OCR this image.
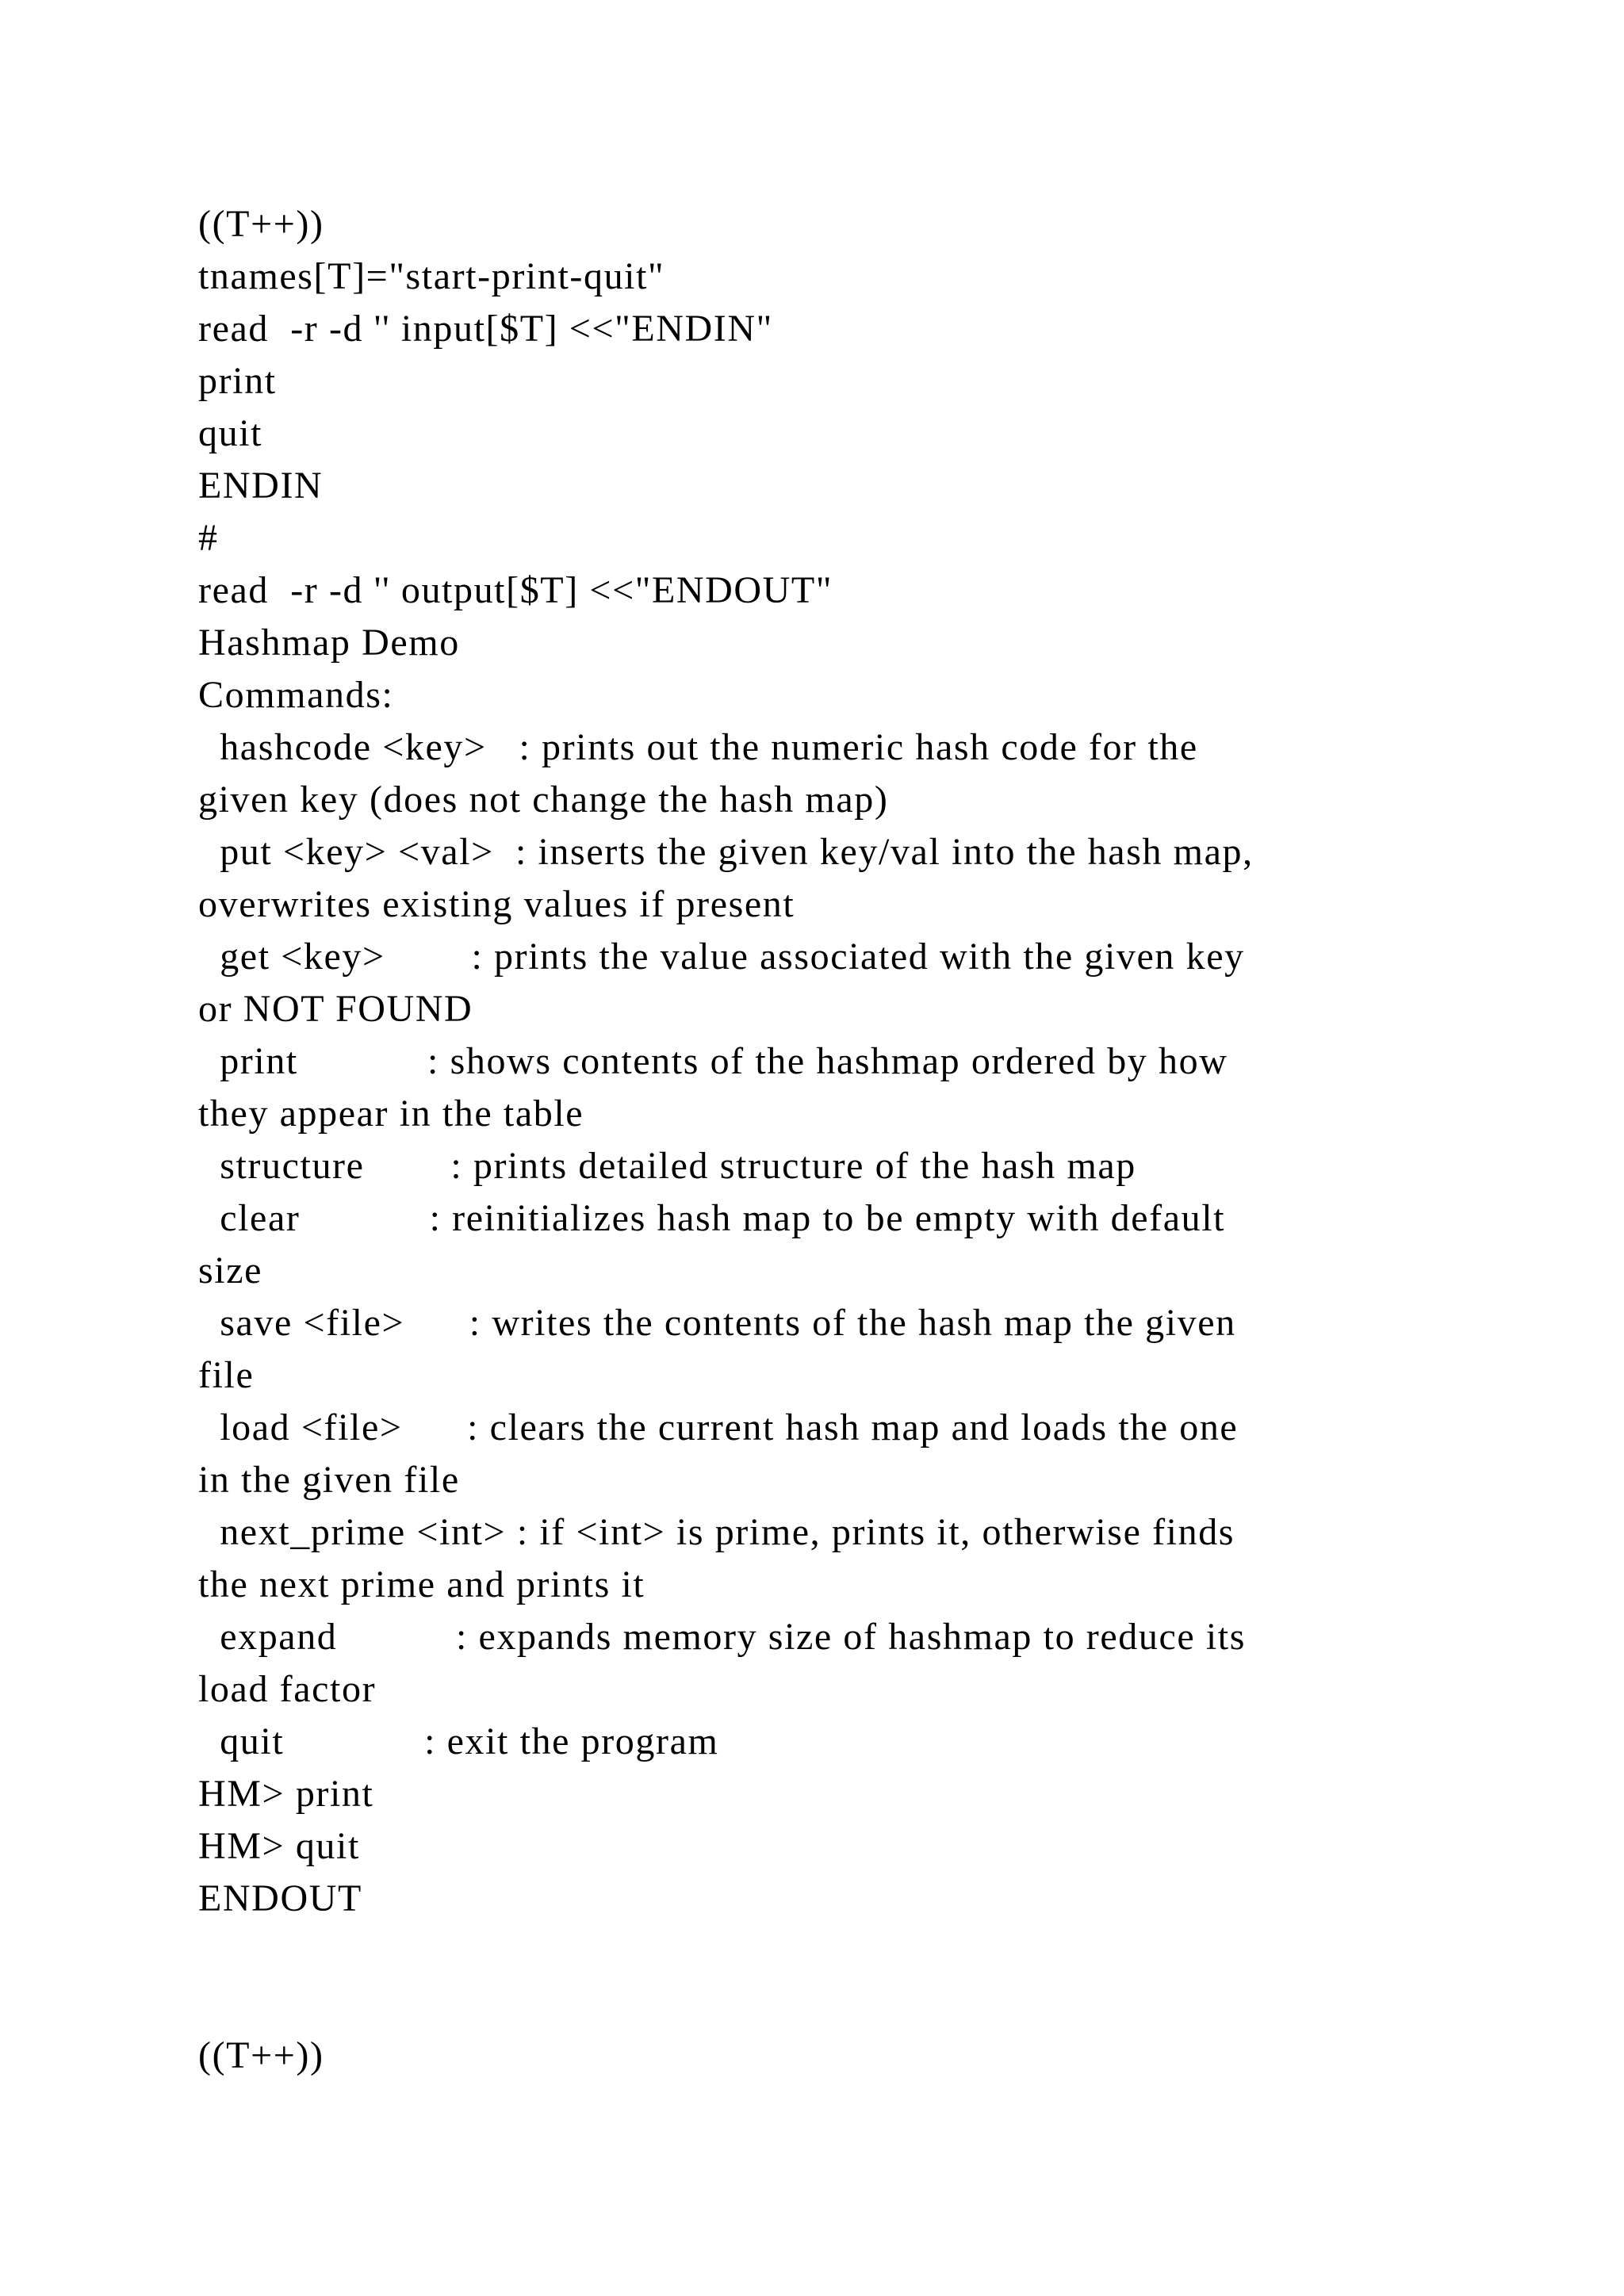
((T++))
tnames[T]="start-print-quit"
read  -r -d '' input[$T] <<"ENDIN"
print
quit
ENDIN
#
read  -r -d '' output[$T] <<"ENDOUT"
Hashmap Demo
Commands:
hashcode <key>   : prints out the numeric hash code for the
given key (does not change the hash map)
put <key> <val>  : inserts the given key/val into the hash map,
overwrites existing values if present
get <key>        : prints the value associated with the given key
or NOT FOUND
print            : shows contents of the hashmap ordered by how
they appear in the table
structure        : prints detailed structure of the hash map
clear            : reinitializes hash map to be empty with default
size
save <file>      : writes the contents of the hash map the given
file
load <file>      : clears the current hash map and loads the one
in the given file
next_prime <int> : if <int> is prime, prints it, otherwise finds
the next prime and prints it
expand           : expands memory size of hashmap to reduce its
load factor
quit             : exit the program
HM> print
HM> quit
ENDOUT
((T++))
